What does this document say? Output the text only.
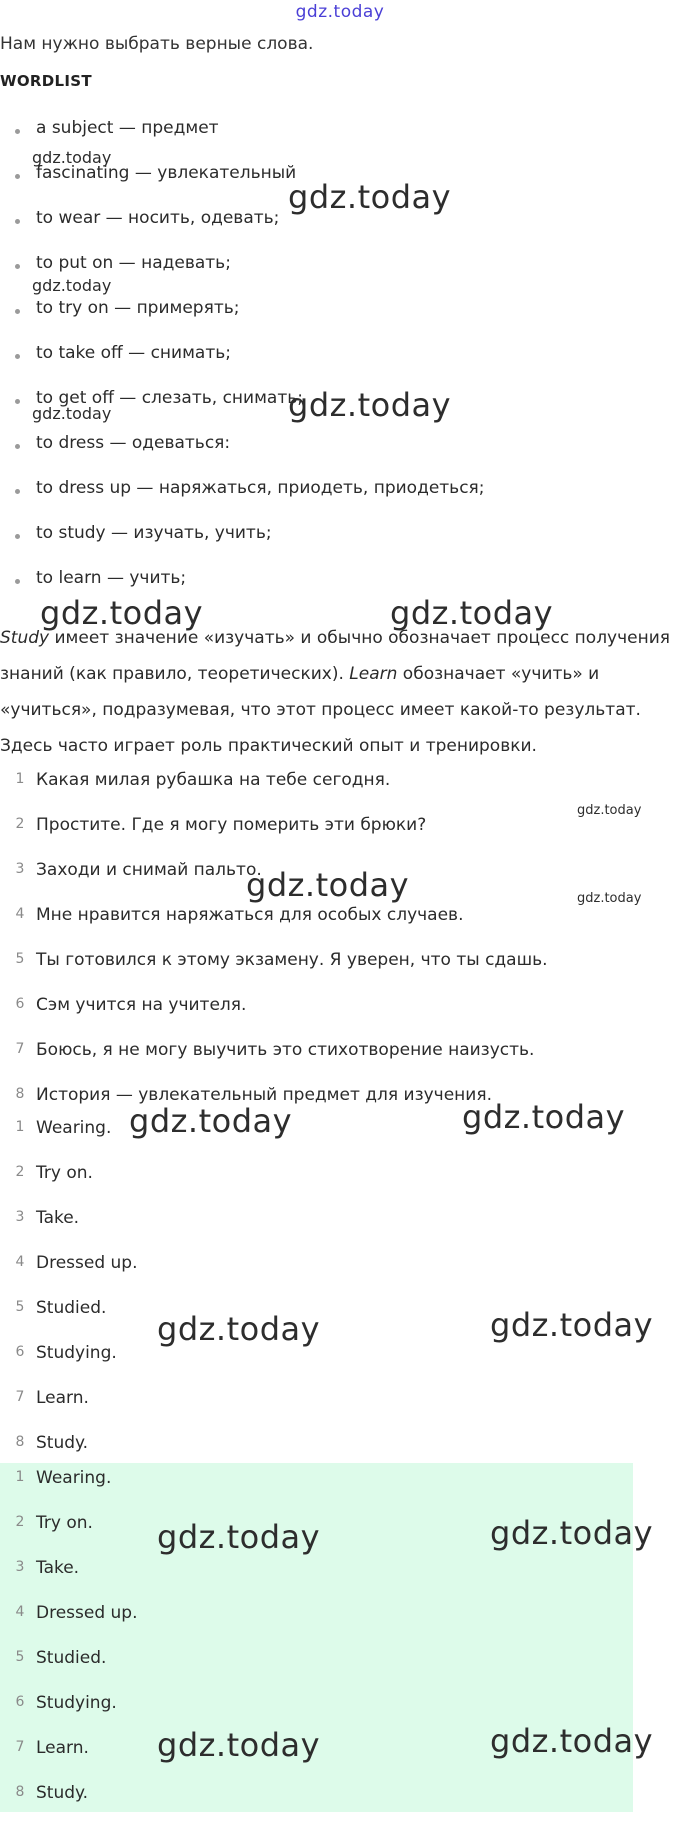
gdz.today
Нам нужно выбрать верные слова.
WORDLIST
a subject — предмет
fascinating — увлекательный
to wear — носить, одевать;
to put on — надевать;
to try on — примерять;
to take off — снимать;
to get off — слезать, снимать;
to dress — одеваться:
to dress up — наряжаться, приодеть, приодеться;
to study — изучать, учить;
to learn — учить;
Study имеет значение «изучать» и обычно обозначает процесс получения знаний (как правило, теоретических). Learn обозначает «учить» и «учиться», подразумевая, что этот процесс имеет какой-то результат. Здесь часто играет роль практический опыт и тренировки.
1 Какая милая рубашка на тебе сегодня.
2 Простите. Где я могу померить эти брюки?
3 Заходи и снимай пальто.
4 Мне нравится наряжаться для особых случаев.
5 Ты готовился к этому экзамену. Я уверен, что ты сдашь.
6 Сэм учится на учителя.
7 Боюсь, я не могу выучить это стихотворение наизусть.
8 История — увлекательный предмет для изучения.
1 Wearing.
2 Try on.
3 Take.
4 Dressed up.
5 Studied.
6 Studying.
7 Learn.
8 Study.
1 Wearing.
2 Try on.
3 Take.
4 Dressed up.
5 Studied.
6 Studying.
7 Learn.
8 Study.
gdz.today
gdz.today
gdz.today
gdz.today
gdz.today
gdz.today	gdz.today
gdz.today
gdz.today	gdz.today
gdz.today	gdz.today
gdz.today	gdz.today
gdz.today	gdz.today
gdz.today	gdz.today
